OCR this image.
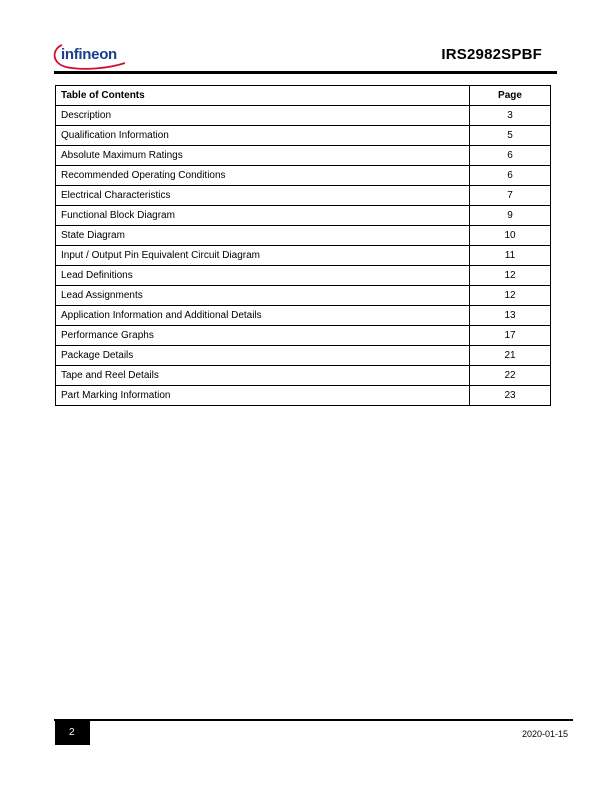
infineon	IRS2982SPBF
Table of Contents	Page
Description	3
Qualification Information	5
Absolute Maximum Ratings	6
Recommended Operating Conditions	6
Electrical Characteristics	7
Functional Block Diagram	9
State Diagram	10
Input / Output Pin Equivalent Circuit Diagram	11
Lead Definitions	12
Lead Assignments	12
Application Information and Additional Details	13
Performance Graphs	17
Package Details	21
Tape and Reel Details	22
Part Marking Information	23
2	2020-01-15
